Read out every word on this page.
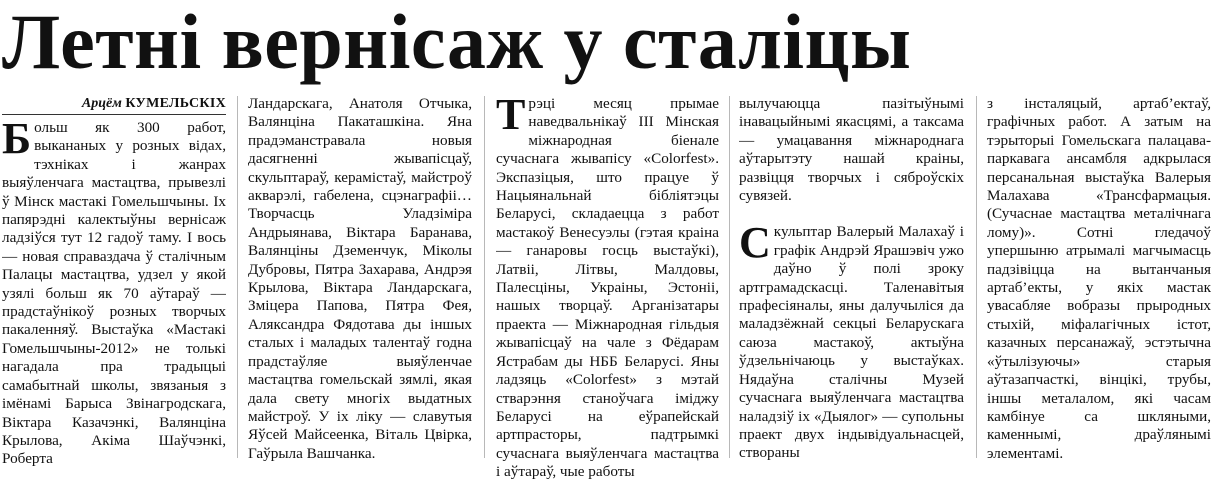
Летні вернісаж у сталіцы
Арцём КУМЕЛЬСКІХ

Больш як 300 работ, выкананых у розных відах, тэхніках і жанрах выяўленчага мастацтва, прывезлі ў Мінск мастакі Гомельшчыны. Іх папярэдні калектыўны вернісаж ладзіўся тут 12 гадоў таму. І вось — новая справаздача ў сталічным Палацы мастацтва, удзел у якой узялі больш як 70 аўтараў — прадстаўнікоў розных творчых пакаленняў. Выстаўка «Мастакі Гомельшчыны-2012» не толькі нагадала пра традыцыі самабытнай школы, звязаныя з імёнамі Барыса Звінагродскага, Віктара Казачэнкі, Валянціна Крылова, Акіма Шаўчэнкі, Роберта

Ландарскага, Анатоля Отчыка, Валянціна Пакаташкіна. Яна прадэманстравала новыя дасягненні жывапісцаў, скульптараў, керамістаў, майстроў акварэлі, габелена, сцэнаграфіі… Творчасць Уладзіміра Андрыянава, Віктара Баранава, Валянціны Дземенчук, Міколы Дубровы, Пятра Захарава, Андрэя Крылова, Віктара Ландарскага, Зміцера Папова, Пятра Фея, Аляксандра Фядотава ды іншых сталых і маладых талентаў годна прадстаўляе выяўленчае мастацтва гомельскай зямлі, якая дала свету многіх выдатных майстроў. У іх ліку — славутыя Яўсей Майсеенка, Віталь Цвірка, Гаўрыла Вашчанка.

Трэці месяц прымае наведвальнікаў ІІІ Мінская міжнародная біенале сучаснага жывапісу «Colorfest». Экспазіцыя, што працуе ў Нацыянальнай бібліятэцы Беларусі, складаецца з работ мастакоў Венесуэлы (гэтая краіна — ганаровы госць выстаўкі), Латвіі, Літвы, Малдовы, Палесціны, Украіны, Эстоніі, нашых творцаў. Арганізатары праекта — Міжнародная гільдыя жывапісцаў на чале з Фёдарам Ястрабам ды НББ Беларусі. Яны ладзяць «Colorfest» з мэтай стварэння станоўчага іміджу Беларусі на еўрапейскай артпрасторы, падтрымкі сучаснага выяўленчага мастацтва і аўтараў, чые работы

вылучаюцца пазітыўнымі інавацыйнымі якасцямі, а таксама — умацавання міжнароднага аўтарытэту нашай краіны, развіцця творчых і сяброўскіх сувязей.

Скульптар Валерый Малахаў і графік Андрэй Ярашэвіч ужо даўно ў полі зроку артграмадскасці. Таленавітыя прафесіяналы, яны далучыліся да маладзёжнай секцыі Беларускага саюза мастакоў, актыўна ўдзельнічаюць у выстаўках. Нядаўна сталічны Музей сучаснага выяўленчага мастацтва наладзіў іх «Дыялог» — супольны праект двух індывідуальнасцей, створаны

з інсталяцый, артаб’ектаў, графічных работ. А затым на тэрыторыі Гомельскага палацава-паркавага ансамбля адкрылася персанальная выстаўка Валерыя Малахава «Трансфармацыя. (Сучаснае мастацтва металічнага лому)». Сотні гледачоў упершыню атрымалі магчымасць падзівіцца на вытанчаныя артаб’екты, у якіх мастак увасабляе вобразы прыродных стыхій, міфалагічных істот, казачных персанажаў, эстэтычна «ўтылізуючы» старыя аўтазапчасткі, вінцікі, трубы, іншы металалом, які часам камбінуе са шкляными, каменнымі, драўлянымі элементамі.
